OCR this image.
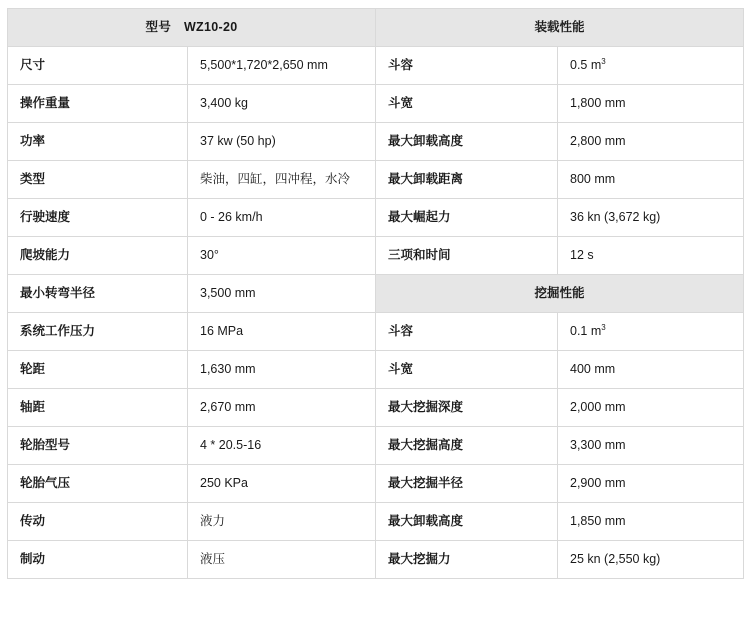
型号　WZ10-20		装载性能	
尺寸	5,500*1,720*2,650 mm	斗容	0.5 $m^3$
操作重量	3,400 kg	斗宽	1,800 mm
功率	37 kw (50 hp)	最大卸载高度	2,800 mm
类型	柴油，四缸，四冲程，水冷	最大卸载距离	800 mm
行驶速度	0 - 26 km/h	最大崛起力	36 kn (3,672 kg)
爬坡能力	30°	三项和时间	12 s
最小转弯半径	3,500 mm	挖掘性能	
系统工作压力	16 MPa	斗容	0.1 $m^3$
轮距	1,630 mm	斗宽	400 mm
轴距	2,670 mm	最大挖掘深度	2,000 mm
轮胎型号	4 * 20.5-16	最大挖掘高度	3,300 mm
轮胎气压	250 KPa	最大挖掘半径	2,900 mm
传动	液力	最大卸载高度	1,850 mm
制动	液压	最大挖掘力	25 kn (2,550 kg)
